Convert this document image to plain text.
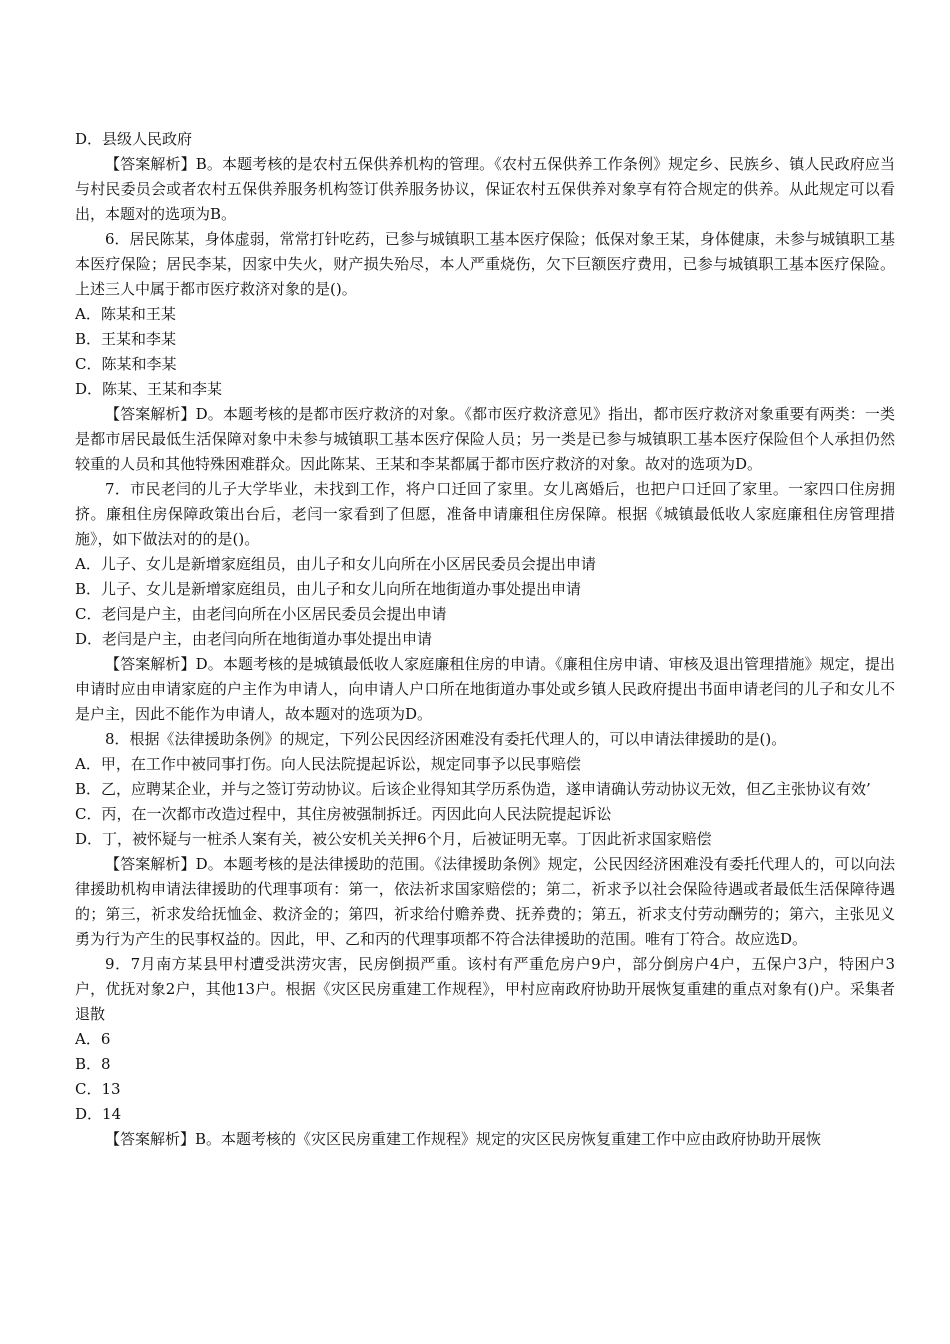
D．县级人民政府

【答案解析】B。本题考核的是农村五保供养机构的管理。《农村五保供养工作条例》规定乡、民族乡、镇人民政府应当与村民委员会或者农村五保供养服务机构签订供养服务协议，保证农村五保供养对象享有符合规定的供养。从此规定可以看出，本题对的选项为B。

6．居民陈某，身体虚弱，常常打针吃药，已参与城镇职工基本医疗保险；低保对象王某，身体健康，未参与城镇职工基本医疗保险；居民李某，因家中失火，财产损失殆尽，本人严重烧伤，欠下巨额医疗费用，已参与城镇职工基本医疗保险。上述三人中属于都市医疗救济对象的是()。

A．陈某和王某

B．王某和李某

C．陈某和李某

D．陈某、王某和李某

【答案解析】D。本题考核的是都市医疗救济的对象。《都市医疗救济意见》指出，都市医疗救济对象重要有两类：一类是都市居民最低生活保障对象中未参与城镇职工基本医疗保险人员；另一类是已参与城镇职工基本医疗保险但个人承担仍然较重的人员和其他特殊困难群众。因此陈某、王某和李某都属于都市医疗救济的对象。故对的选项为D。

7．市民老闫的儿子大学毕业，未找到工作，将户口迁回了家里。女儿离婚后，也把户口迁回了家里。一家四口住房拥挤。廉租住房保障政策出台后，老闫一家看到了但愿，准备申请廉租住房保障。根据《城镇最低收人家庭廉租住房管理措施》，如下做法对的的是()。

A．儿子、女儿是新增家庭组员，由儿子和女儿向所在小区居民委员会提出申请

B．儿子、女儿是新增家庭组员，由儿子和女儿向所在地街道办事处提出申请

C．老闫是户主，由老闫向所在小区居民委员会提出申请

D．老闫是户主，由老闫向所在地街道办事处提出申请

【答案解析】D。本题考核的是城镇最低收人家庭廉租住房的申请。《廉租住房申请、审核及退出管理措施》规定，提出申请时应由申请家庭的户主作为申请人，向申请人户口所在地街道办事处或乡镇人民政府提出书面申请老闫的儿子和女儿不是户主，因此不能作为申请人，故本题对的选项为D。

8．根据《法律援助条例》的规定，下列公民因经济困难没有委托代理人的，可以申请法律援助的是()。

A．甲，在工作中被同事打伤。向人民法院提起诉讼，规定同事予以民事赔偿

B．乙，应聘某企业，并与之签订劳动协议。后该企业得知其学历系伪造，遂申请确认劳动协议无效，但乙主张协议有效’

C．丙，在一次都市改造过程中，其住房被强制拆迁。丙因此向人民法院提起诉讼

D．丁，被怀疑与一桩杀人案有关，被公安机关关押6个月，后被证明无辜。丁因此祈求国家赔偿

【答案解析】D。本题考核的是法律援助的范围。《法律援助条例》规定，公民因经济困难没有委托代理人的，可以向法律援助机构申请法律援助的代理事项有：第一，依法祈求国家赔偿的；第二，祈求予以社会保险待遇或者最低生活保障待遇的；第三，祈求发给抚恤金、救济金的；第四，祈求给付赡养费、抚养费的；第五，祈求支付劳动酬劳的；第六，主张见义勇为行为产生的民事权益的。因此，甲、乙和丙的代理事项都不符合法律援助的范围。唯有丁符合。故应选D。

9．7月南方某县甲村遭受洪涝灾害，民房倒损严重。该村有严重危房户9户，部分倒房户4户，五保户3户，特困户3户，优抚对象2户，其他13户。根据《灾区民房重建工作规程》，甲村应南政府协助开展恢复重建的重点对象有()户。采集者退散

A．6

B．8

C．13

D．14

【答案解析】B。本题考核的《灾区民房重建工作规程》规定的灾区民房恢复重建工作中应由政府协助开展恢
